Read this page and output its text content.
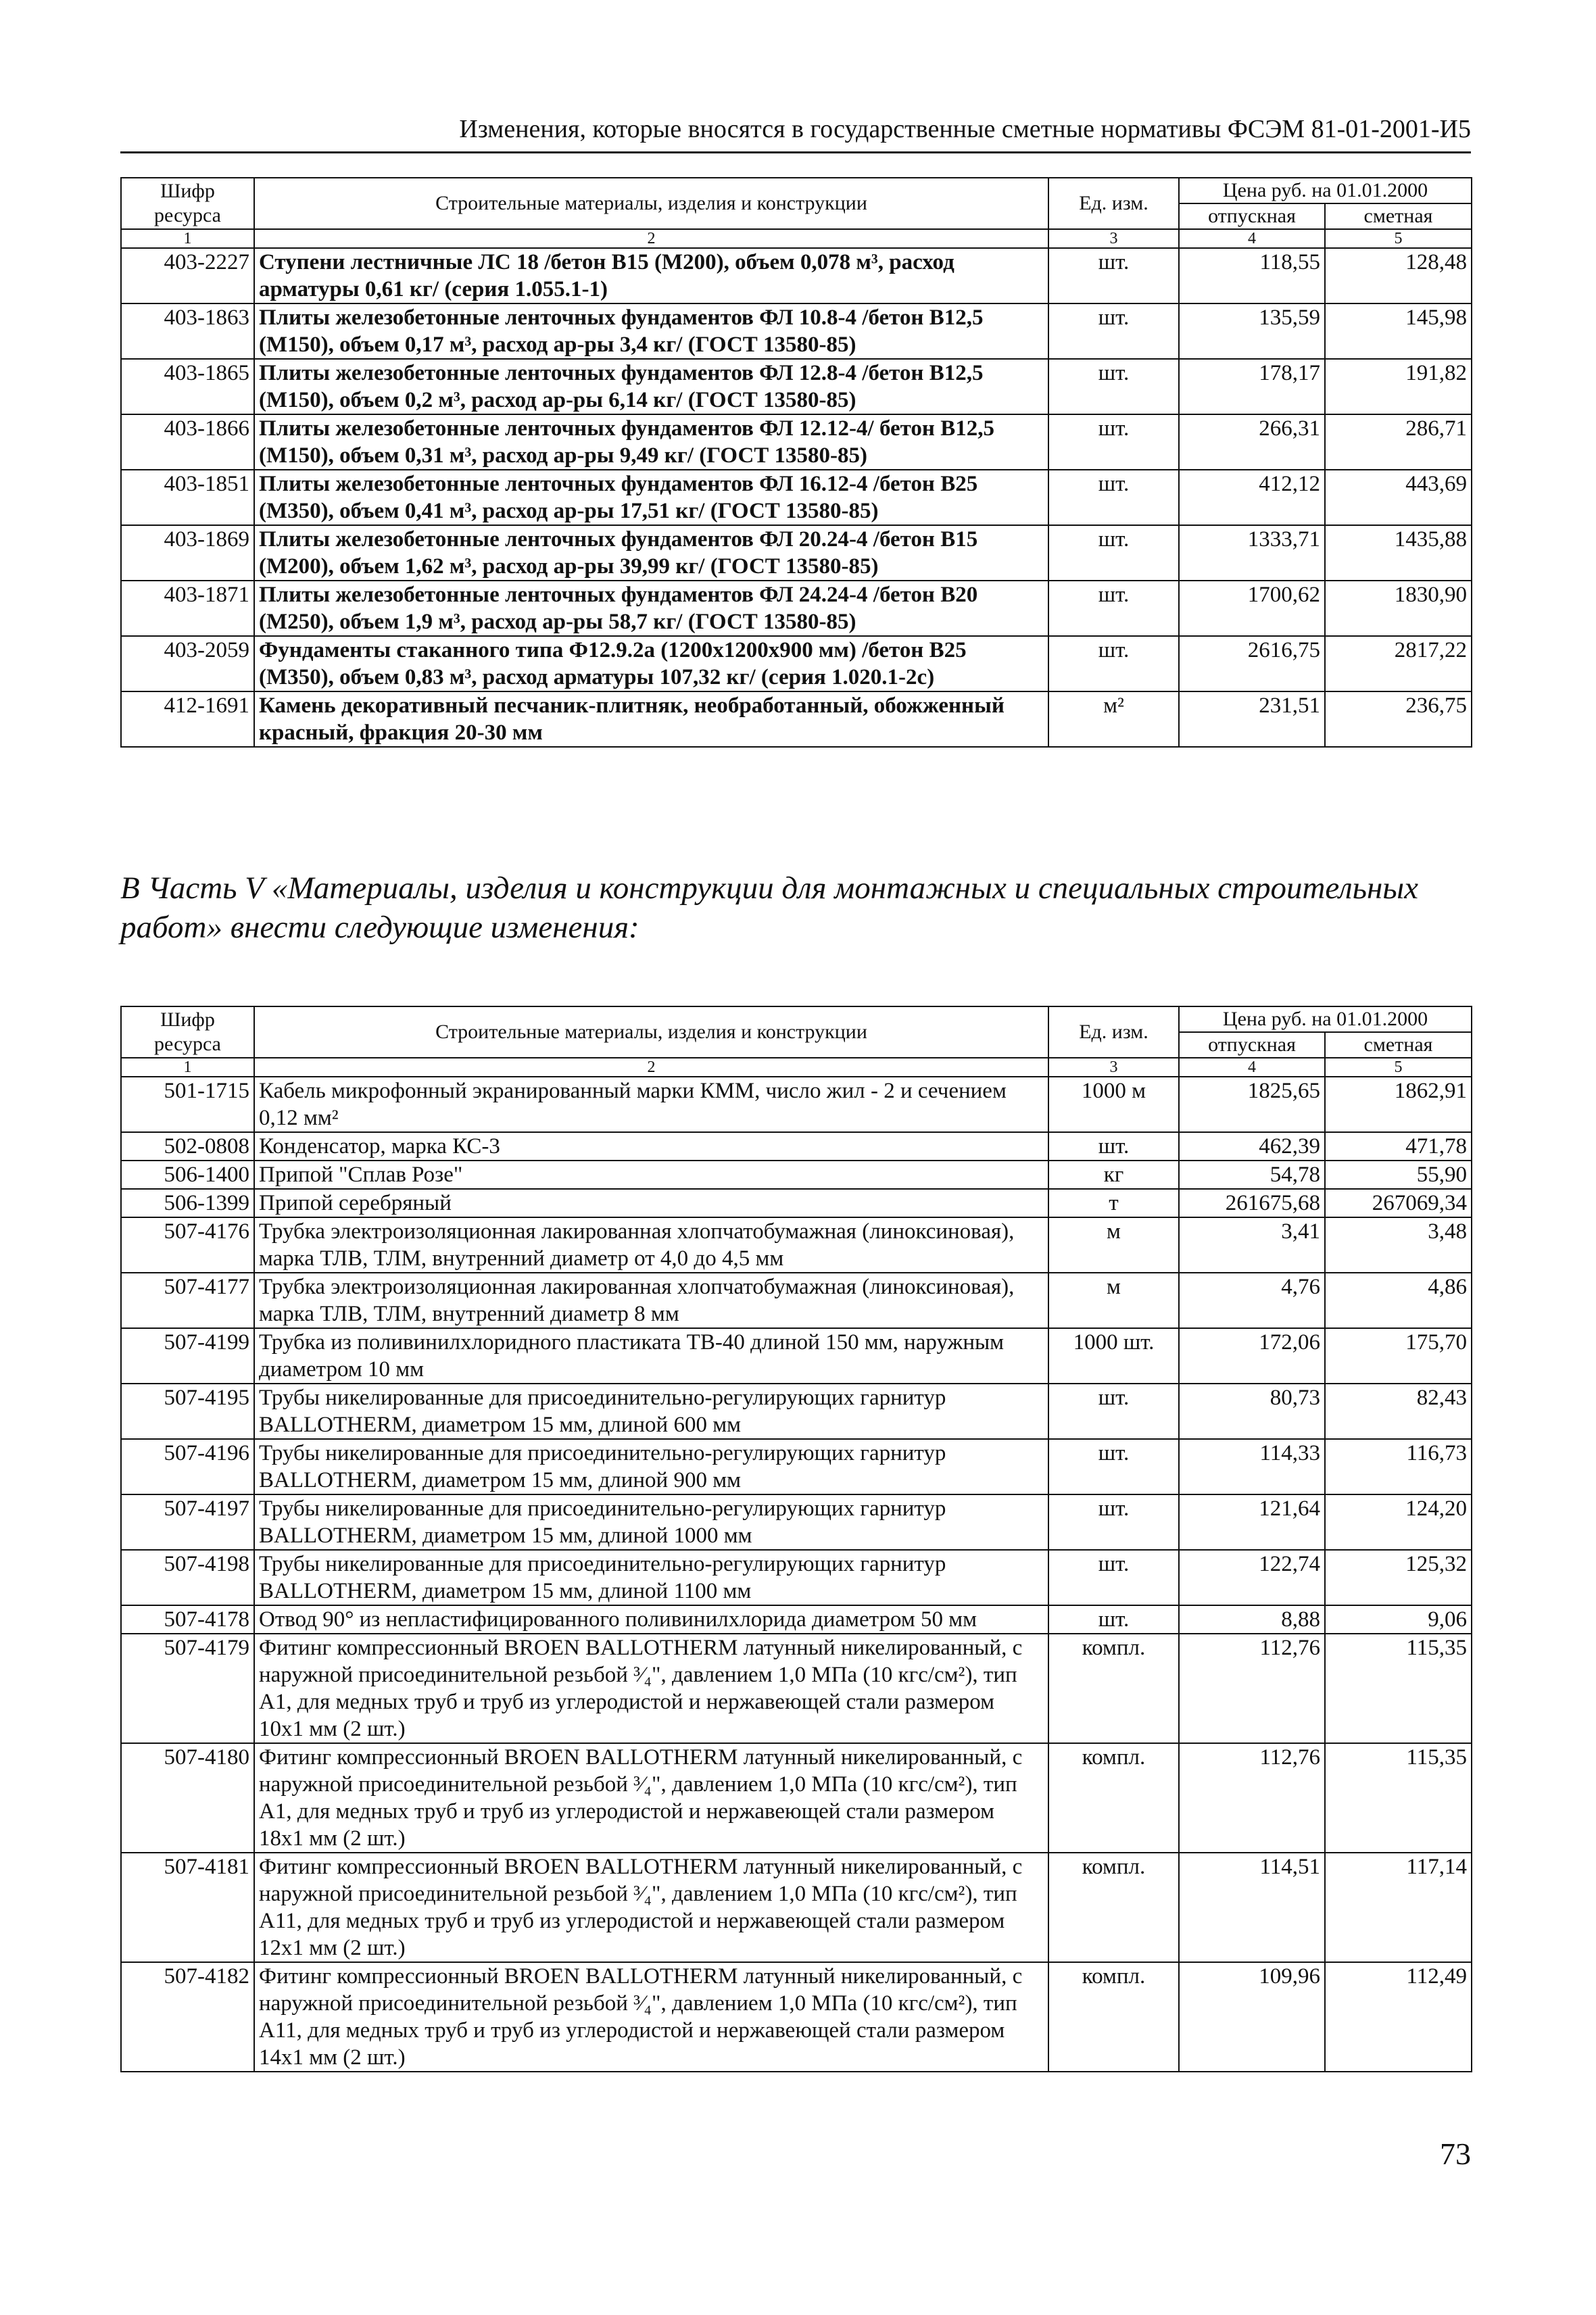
Изменения, которые вносятся в государственные сметные нормативы ФСЭМ 81-01-2001-И5
Шифр ресурса	Строительные материалы, изделия и конструкции	Ед. изм.	Цена руб. на 01.01.2000	
			отпускная	сметная
1	2	3	4	5
403-2227	Ступени лестничные ЛС 18 /бетон В15 (М200), объем 0,078 м³, расход арматуры 0,61 кг/ (серия 1.055.1-1)	шт.	118,55	128,48
403-1863	Плиты железобетонные ленточных фундаментов ФЛ 10.8-4 /бетон В12,5 (М150), объем 0,17 м³, расход ар-ры 3,4 кг/ (ГОСТ 13580-85)	шт.	135,59	145,98
403-1865	Плиты железобетонные ленточных фундаментов ФЛ 12.8-4 /бетон В12,5 (М150), объем 0,2 м³, расход ар-ры 6,14 кг/ (ГОСТ 13580-85)	шт.	178,17	191,82
403-1866	Плиты железобетонные ленточных фундаментов ФЛ 12.12-4/ бетон В12,5 (М150), объем 0,31 м³, расход ар-ры 9,49 кг/ (ГОСТ 13580-85)	шт.	266,31	286,71
403-1851	Плиты железобетонные ленточных фундаментов ФЛ 16.12-4 /бетон В25 (М350), объем 0,41 м³, расход ар-ры 17,51 кг/ (ГОСТ 13580-85)	шт.	412,12	443,69
403-1869	Плиты железобетонные ленточных фундаментов ФЛ 20.24-4 /бетон В15 (М200), объем 1,62 м³, расход ар-ры 39,99 кг/ (ГОСТ 13580-85)	шт.	1333,71	1435,88
403-1871	Плиты железобетонные ленточных фундаментов ФЛ 24.24-4 /бетон В20 (М250), объем 1,9 м³, расход ар-ры 58,7 кг/ (ГОСТ 13580-85)	шт.	1700,62	1830,90
403-2059	Фундаменты стаканного типа Ф12.9.2а (1200х1200х900 мм) /бетон В25 (М350), объем 0,83 м³, расход арматуры 107,32 кг/ (серия 1.020.1-2с)	шт.	2616,75	2817,22
412-1691	Камень декоративный песчаник-плитняк, необработанный, обожженный красный, фракция 20-30 мм	м²	231,51	236,75
В Часть V «Материалы, изделия и конструкции для монтажных и специальных строительных работ» внести следующие изменения:
Шифр ресурса	Строительные материалы, изделия и конструкции	Ед. изм.	Цена руб. на 01.01.2000	
			отпускная	сметная
1	2	3	4	5
501-1715	Кабель микрофонный экранированный марки КММ, число жил - 2 и сечением 0,12 мм²	1000 м	1825,65	1862,91
502-0808	Конденсатор, марка КС-3	шт.	462,39	471,78
506-1400	Припой "Сплав Розе"	кг	54,78	55,90
506-1399	Припой серебряный	т	261675,68	267069,34
507-4176	Трубка электроизоляционная лакированная хлопчатобумажная (линоксиновая), марка ТЛВ, ТЛМ, внутренний диаметр от 4,0 до 4,5 мм	м	3,41	3,48
507-4177	Трубка электроизоляционная лакированная хлопчатобумажная (линоксиновая), марка ТЛВ, ТЛМ, внутренний диаметр 8 мм	м	4,76	4,86
507-4199	Трубка из поливинилхлоридного пластиката ТВ-40 длиной 150 мм, наружным диаметром 10 мм	1000 шт.	172,06	175,70
507-4195	Трубы никелированные для присоединительно-регулирующих гарнитур BALLOTHERM, диаметром 15 мм, длиной 600 мм	шт.	80,73	82,43
507-4196	Трубы никелированные для присоединительно-регулирующих гарнитур BALLOTHERM, диаметром 15 мм, длиной 900 мм	шт.	114,33	116,73
507-4197	Трубы никелированные для присоединительно-регулирующих гарнитур BALLOTHERM, диаметром 15 мм, длиной 1000 мм	шт.	121,64	124,20
507-4198	Трубы никелированные для присоединительно-регулирующих гарнитур BALLOTHERM, диаметром 15 мм, длиной 1100 мм	шт.	122,74	125,32
507-4178	Отвод 90° из непластифицированного поливинилхлорида диаметром 50 мм	шт.	8,88	9,06
507-4179	Фитинг компрессионный BROEN BALLOTHERM латунный никелированный, с наружной присоединительной резьбой ³⁄₄", давлением 1,0 МПа (10 кгс/см²), тип А1, для медных труб и труб из углеродистой и нержавеющей стали размером 10х1 мм (2 шт.)	компл.	112,76	115,35
507-4180	Фитинг компрессионный BROEN BALLOTHERM латунный никелированный, с наружной присоединительной резьбой ³⁄₄", давлением 1,0 МПа (10 кгс/см²), тип А1, для медных труб и труб из углеродистой и нержавеющей стали размером 18х1 мм (2 шт.)	компл.	112,76	115,35
507-4181	Фитинг компрессионный BROEN BALLOTHERM латунный никелированный, с наружной присоединительной резьбой ³⁄₄", давлением 1,0 МПа (10 кгс/см²), тип А11, для медных труб и труб из углеродистой и нержавеющей стали размером 12х1 мм (2 шт.)	компл.	114,51	117,14
507-4182	Фитинг компрессионный BROEN BALLOTHERM латунный никелированный, с наружной присоединительной резьбой ³⁄₄", давлением 1,0 МПа (10 кгс/см²), тип А11, для медных труб и труб из углеродистой и нержавеющей стали размером 14х1 мм (2 шт.)	компл.	109,96	112,49
73
